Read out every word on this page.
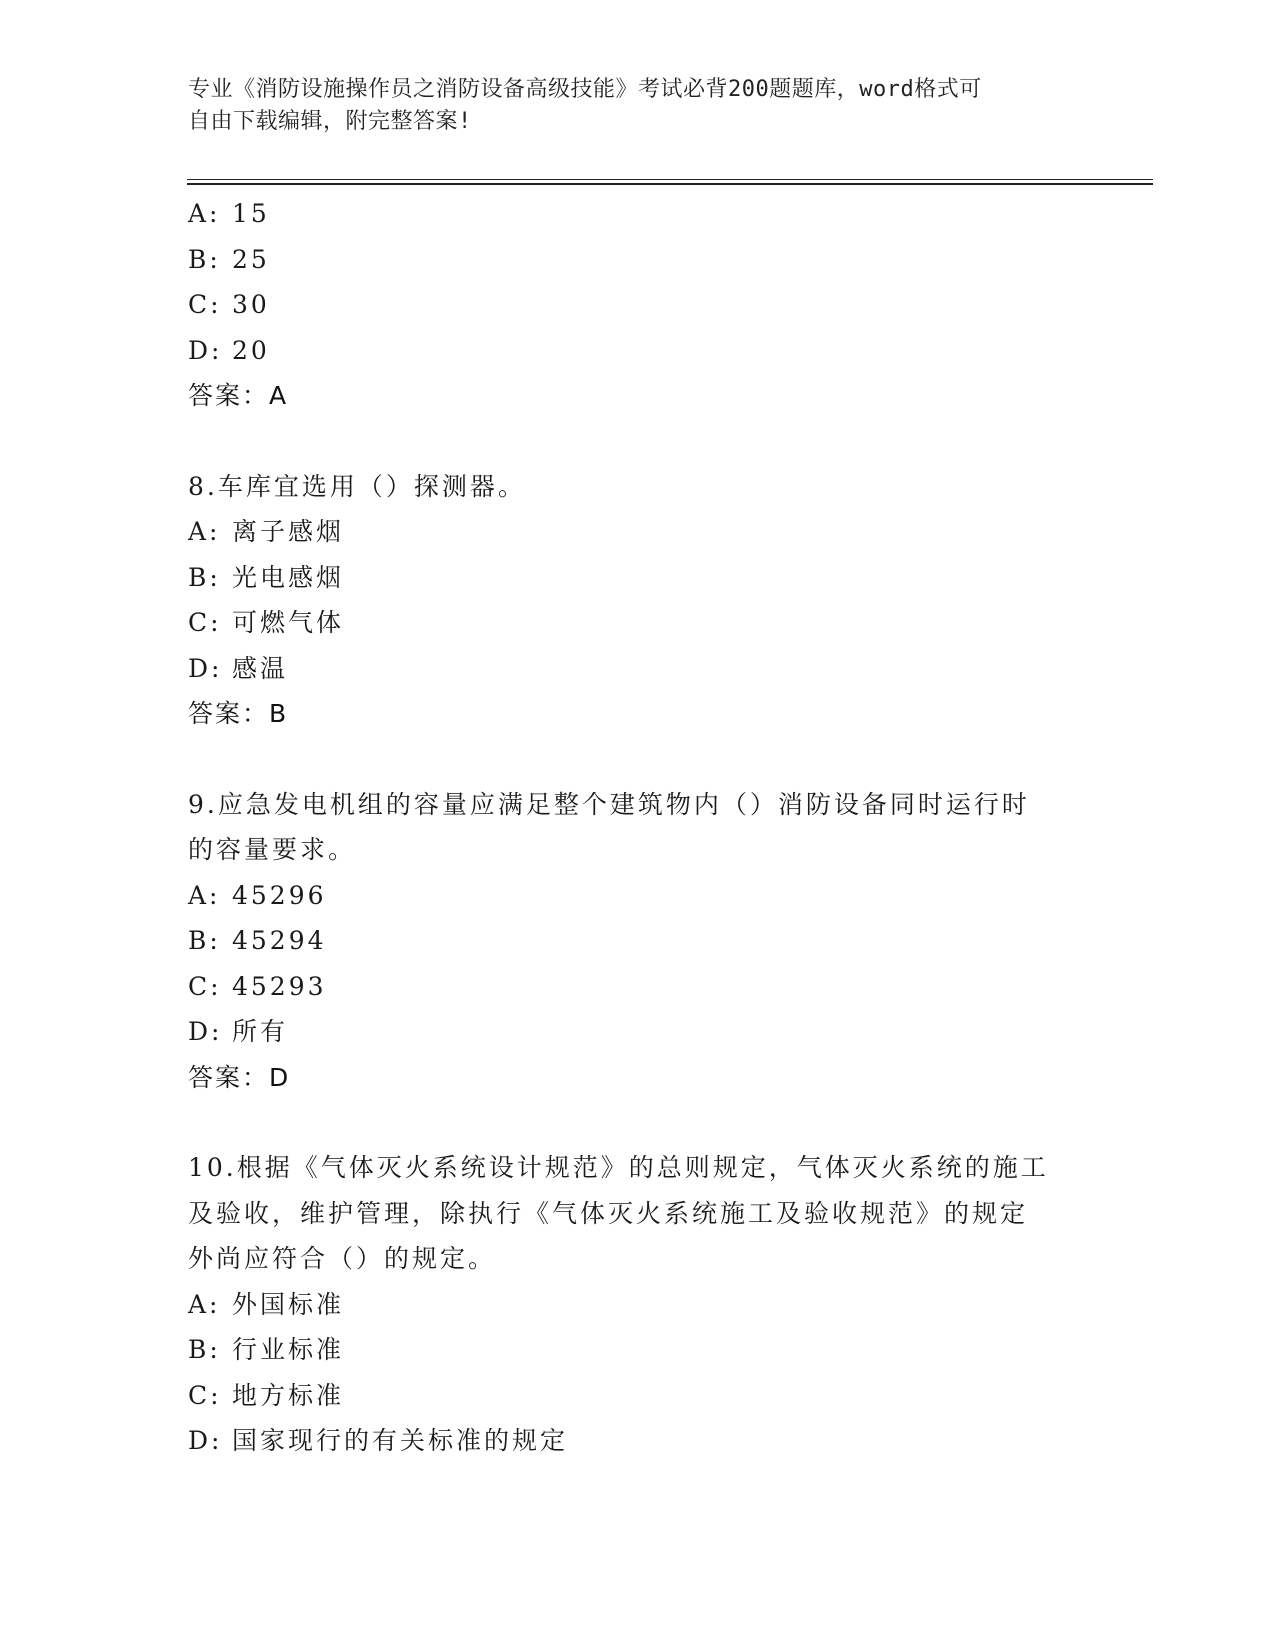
专业《消防设施操作员之消防设备高级技能》考试必背200题题库，word格式可
自由下载编辑，附完整答案!
A: 15
B: 25
C: 30
D: 20
答案：A
8.车库宜选用（）探测器。
A: 离子感烟
B: 光电感烟
C: 可燃气体
D: 感温
答案：B
9.应急发电机组的容量应满足整个建筑物内（）消防设备同时运行时
的容量要求。
A: 45296
B: 45294
C: 45293
D: 所有
答案：D
10.根据《气体灭火系统设计规范》的总则规定，气体灭火系统的施工
及验收，维护管理，除执行《气体灭火系统施工及验收规范》的规定
外尚应符合（）的规定。
A: 外国标准
B: 行业标准
C: 地方标准
D: 国家现行的有关标准的规定
